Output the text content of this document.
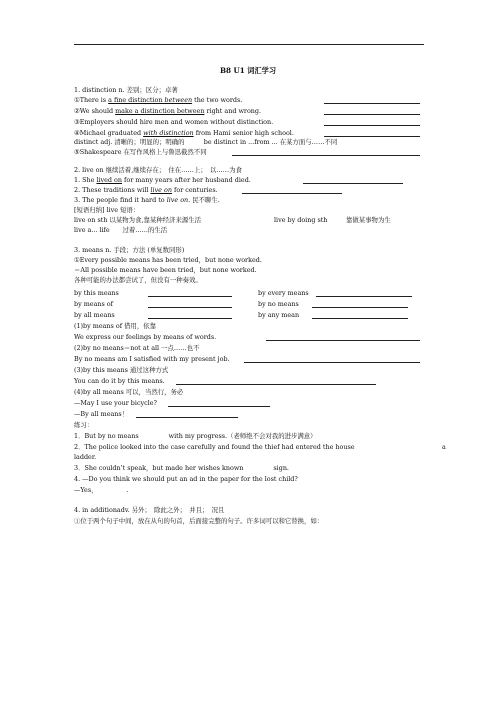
B8 U1 词汇学习
1. distinction n. 差别；区分；卓著
①There is a fine distinction between the two words.
②We should make a distinction between right and wrong.
③Employers should hire men and women without distinction.
④Michael graduated with distinction from Hami senior high school.
distinct adj. 清晰的；明显的；明确的　　　be distinct in ...from ... 在某方面与……不同
⑤Shakespeare 在写作风格上与鲁迅截然不同
2. live on 继续活着,继续存在；　住在……上；　以……为食
1. She lived on for many years after her husband died.
2. These traditions will live on for centuries.
3. The people find it hard to live on. 民不聊生.
[短语归纳] live 短语：
live on sth 以某物为食,靠某种经济来源生活	live by doing sth	靠做某事物为生
live a... life　　过着……的生活
3. means n. 手段；方法 (单复数同形)
①Every possible means has been tried，but none worked.
＝All possible means have been tried，but none worked.
各种可能的办法都尝试了，但没有一种奏效。
by this means	by every means
by means of	by no means
by all means	by any mean
(1)by means of 借用，依靠
We express our feelings by means of words.
(2)by no means＝not at all 一点……也不
By no means am I satisfied with my present job.
(3)by this means 通过这种方式
You can do it by this means.
(4)by all means 可以，当然行，务必
—May I use your bicycle?
—By all means！
练习：
1．But by no means	with my progress.（老师绝不会对我的进步满意）
2．The police looked into the case carefully and found the thief had entered the house	a
ladder.
3．She couldn’t speak，but made her wishes known	sign.
4. —Do you think we should put an ad in the paper for the lost child?
—Yes，　　　　　.
4. in additionadv. 另外；　除此之外；　并且；　况且
①位于两个句子中间，放在从句的句首，后面接完整的句子。许多词可以和它替换，如：
